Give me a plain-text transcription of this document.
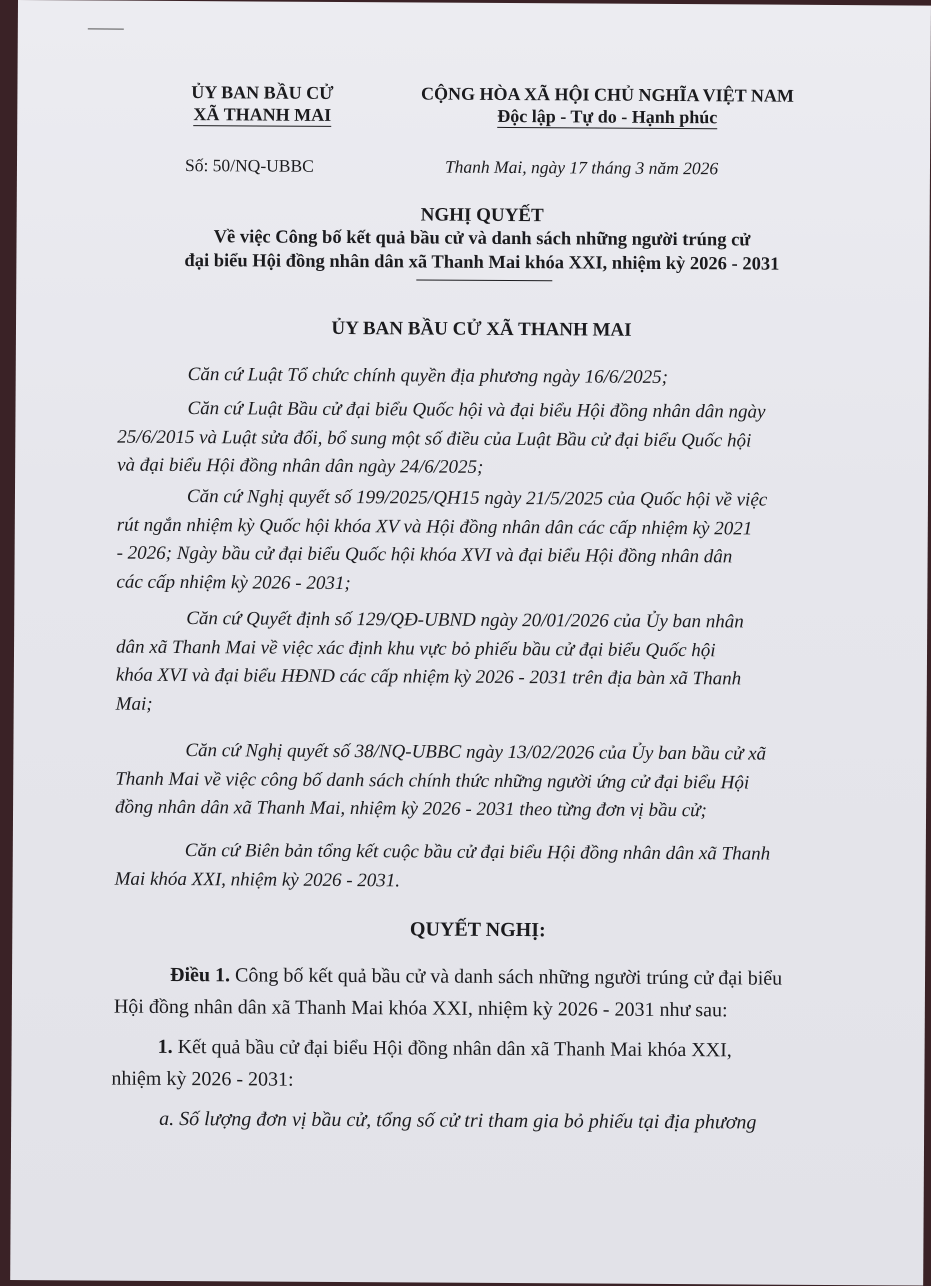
ỦY BAN BẦU CỬ
XÃ THANH MAI
CỘNG HÒA XÃ HỘI CHỦ NGHĨA VIỆT NAM
Độc lập - Tự do - Hạnh phúc
Số: 50/NQ-UBBC	Thanh Mai, ngày 17 tháng 3 năm 2026
NGHỊ QUYẾT
Về việc Công bố kết quả bầu cử và danh sách những người trúng cử
đại biểu Hội đồng nhân dân xã Thanh Mai khóa XXI, nhiệm kỳ 2026 - 2031
ỦY BAN BẦU CỬ XÃ THANH MAI
Căn cứ Luật Tổ chức chính quyền địa phương ngày 16/6/2025;
Căn cứ Luật Bầu cử đại biểu Quốc hội và đại biểu Hội đồng nhân dân ngày
25/6/2015 và Luật sửa đổi, bổ sung một số điều của Luật Bầu cử đại biểu Quốc hội
và đại biểu Hội đồng nhân dân ngày 24/6/2025;
Căn cứ Nghị quyết số 199/2025/QH15 ngày 21/5/2025 của Quốc hội về việc
rút ngắn nhiệm kỳ Quốc hội khóa XV và Hội đồng nhân dân các cấp nhiệm kỳ 2021
- 2026; Ngày bầu cử đại biểu Quốc hội khóa XVI và đại biểu Hội đồng nhân dân
các cấp nhiệm kỳ 2026 - 2031;
Căn cứ Quyết định số 129/QĐ-UBND ngày 20/01/2026 của Ủy ban nhân
dân xã Thanh Mai về việc xác định khu vực bỏ phiếu bầu cử đại biểu Quốc hội
khóa XVI và đại biểu HĐND các cấp nhiệm kỳ 2026 - 2031 trên địa bàn xã Thanh
Mai;
Căn cứ Nghị quyết số 38/NQ-UBBC ngày 13/02/2026 của Ủy ban bầu cử xã
Thanh Mai về việc công bố danh sách chính thức những người ứng cử đại biểu Hội
đồng nhân dân xã Thanh Mai, nhiệm kỳ 2026 - 2031 theo từng đơn vị bầu cử;
Căn cứ Biên bản tổng kết cuộc bầu cử đại biểu Hội đồng nhân dân xã Thanh
Mai khóa XXI, nhiệm kỳ 2026 - 2031.
QUYẾT NGHỊ:
Điều 1. Công bố kết quả bầu cử và danh sách những người trúng cử đại biểu
Hội đồng nhân dân xã Thanh Mai khóa XXI, nhiệm kỳ 2026 - 2031 như sau:
1. Kết quả bầu cử đại biểu Hội đồng nhân dân xã Thanh Mai khóa XXI,
nhiệm kỳ 2026 - 2031:
a. Số lượng đơn vị bầu cử, tổng số cử tri tham gia bỏ phiếu tại địa phương
